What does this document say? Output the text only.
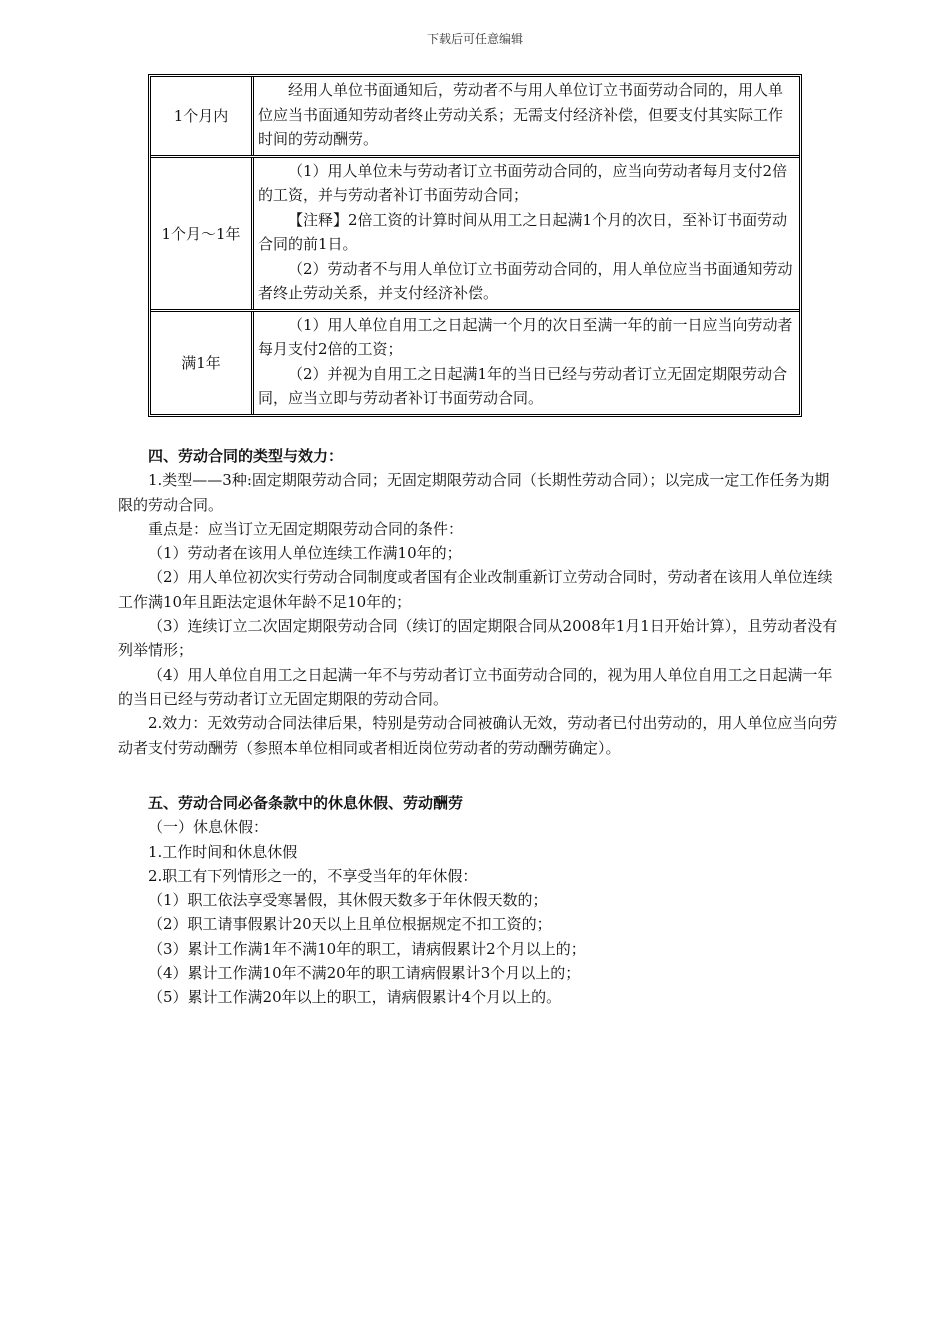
下载后可任意编辑
1个月内

经用人单位书面通知后，劳动者不与用人单位订立书面劳动合同的，用人单位应当书面通知劳动者终止劳动关系；无需支付经济补偿，但要支付其实际工作时间的劳动酬劳。

1个月～1年

（1）用人单位未与劳动者订立书面劳动合同的，应当向劳动者每月支付2倍的工资，并与劳动者补订书面劳动合同；

【注释】2倍工资的计算时间从用工之日起满1个月的次日，至补订书面劳动合同的前1日。

（2）劳动者不与用人单位订立书面劳动合同的，用人单位应当书面通知劳动者终止劳动关系，并支付经济补偿。

满1年

（1）用人单位自用工之日起满一个月的次日至满一年的前一日应当向劳动者每月支付2倍的工资；

（2）并视为自用工之日起满1年的当日已经与劳动者订立无固定期限劳动合同，应当立即与劳动者补订书面劳动合同。

四、劳动合同的类型与效力：

1.类型——3种:固定期限劳动合同；无固定期限劳动合同（长期性劳动合同）；以完成一定工作任务为期限的劳动合同。

重点是：应当订立无固定期限劳动合同的条件：

（1）劳动者在该用人单位连续工作满10年的；

（2）用人单位初次实行劳动合同制度或者国有企业改制重新订立劳动合同时，劳动者在该用人单位连续工作满10年且距法定退休年龄不足10年的；

（3）连续订立二次固定期限劳动合同（续订的固定期限合同从2008年1月1日开始计算），且劳动者没有列举情形；

（4）用人单位自用工之日起满一年不与劳动者订立书面劳动合同的，视为用人单位自用工之日起满一年的当日已经与劳动者订立无固定期限的劳动合同。

2.效力：无效劳动合同法律后果，特别是劳动合同被确认无效，劳动者已付出劳动的，用人单位应当向劳动者支付劳动酬劳（参照本单位相同或者相近岗位劳动者的劳动酬劳确定）。

五、劳动合同必备条款中的休息休假、劳动酬劳

（一）休息休假：

1.工作时间和休息休假

2.职工有下列情形之一的，不享受当年的年休假：

（1）职工依法享受寒暑假，其休假天数多于年休假天数的；

（2）职工请事假累计20天以上且单位根据规定不扣工资的；

（3）累计工作满1年不满10年的职工，请病假累计2个月以上的；

（4）累计工作满10年不满20年的职工请病假累计3个月以上的；

（5）累计工作满20年以上的职工，请病假累计4个月以上的。
